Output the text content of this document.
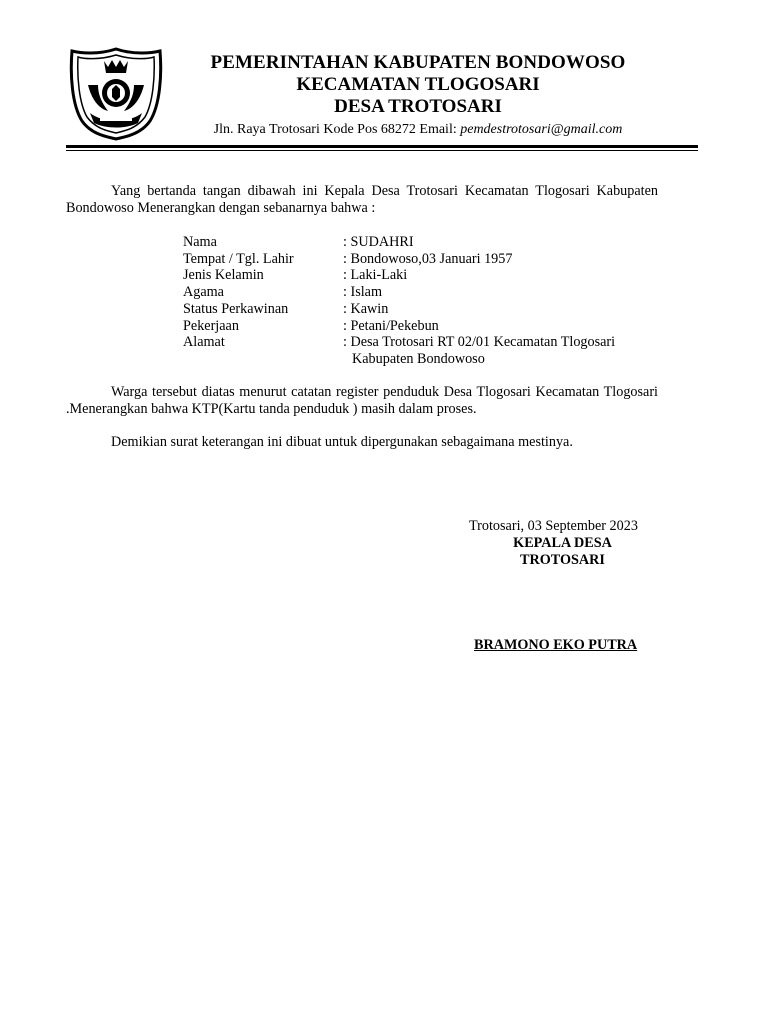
PEMERINTAHAN KABUPATEN BONDOWOSO
KECAMATAN TLOGOSARI
DESA TROTOSARI
Jln. Raya Trotosari Kode Pos 68272 Email: pemdestrotosari@gmail.com
Yang bertanda tangan dibawah ini Kepala Desa Trotosari Kecamatan Tlogosari Kabupaten Bondowoso Menerangkan dengan sebanarnya bahwa :
Nama	: SUDAHRI
Tempat / Tgl. Lahir	: Bondowoso,03 Januari 1957
Jenis Kelamin	: Laki-Laki
Agama	: Islam
Status Perkawinan	: Kawin
Pekerjaan	: Petani/Pekebun
Alamat	: Desa Trotosari RT 02/01 Kecamatan Tlogosari
Kabupaten Bondowoso
Warga tersebut diatas menurut catatan register penduduk Desa Tlogosari Kecamatan Tlogosari .Menerangkan bahwa KTP(Kartu tanda penduduk ) masih dalam proses.
Demikian surat keterangan ini dibuat untuk dipergunakan sebagaimana mestinya.
Trotosari, 03 September 2023
KEPALA DESA
TROTOSARI
BRAMONO EKO PUTRA
